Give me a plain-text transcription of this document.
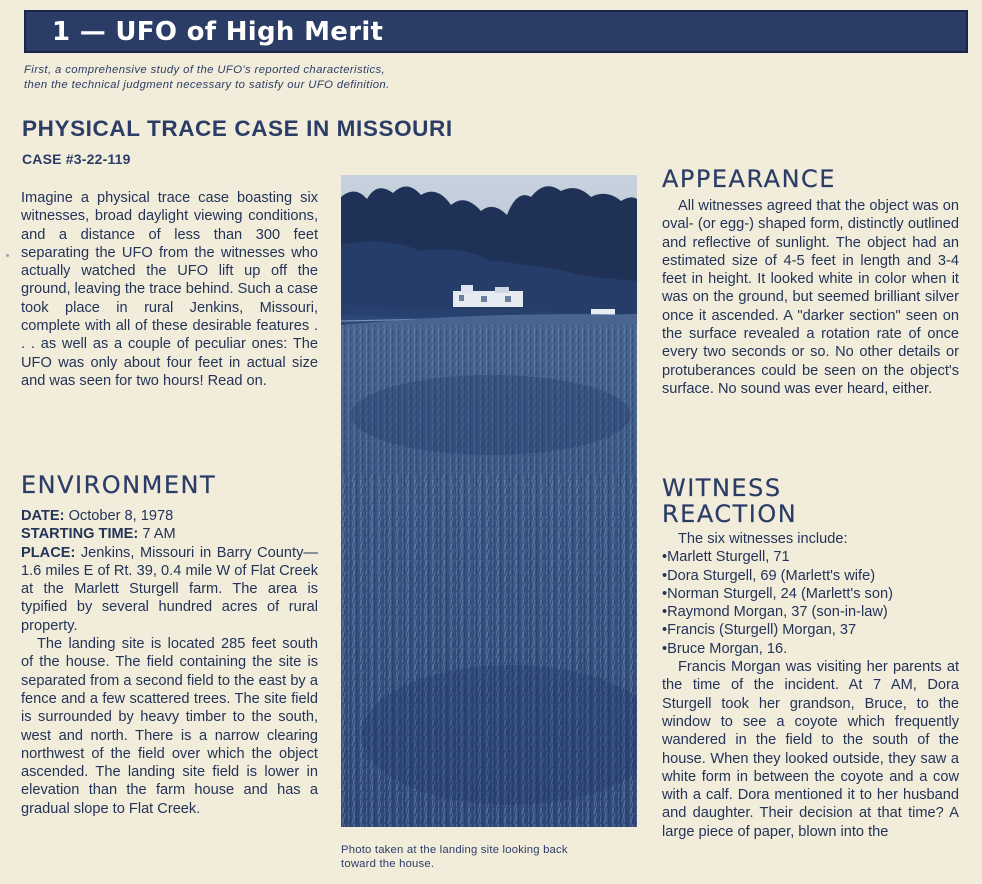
1 — UFO of High Merit
First, a comprehensive study of the UFO's reported characteristics,
then the technical judgment necessary to satisfy our UFO definition.
PHYSICAL TRACE CASE IN MISSOURI
CASE #3-22-119

Imagine a physical trace case boasting six witnesses, broad daylight viewing conditions, and a distance of less than 300 feet separating the UFO from the witnesses who actually watched the UFO lift up off the ground, leaving the trace behind. Such a case took place in rural Jenkins, Missouri, complete with all of these desirable features . . . as well as a couple of peculiar ones: The UFO was only about four feet in actual size and was seen for two hours! Read on.

ENVIRONMENT

DATE: October 8, 1978

STARTING TIME: 7 AM

PLACE: Jenkins, Missouri in Barry County—1.6 miles E of Rt. 39, 0.4 mile W of Flat Creek at the Marlett Sturgell farm. The area is typified by several hundred acres of rural property.

The landing site is located 285 feet south of the house. The field containing the site is separated from a second field to the east by a fence and a few scattered trees. The site field is surrounded by heavy timber to the south, west and north. There is a narrow clearing northwest of the field over which the object ascended. The landing site field is lower in elevation than the farm house and has a gradual slope to Flat Creek.

Photo taken at the landing site looking back
toward the house.
APPEARANCE

All witnesses agreed that the object was on oval- (or egg-) shaped form, distinctly outlined and reflective of sunlight. The object had an estimated size of 4-5 feet in length and 3-4 feet in height. It looked white in color when it was on the ground, but seemed brilliant silver once it ascended. A "darker section" seen on the surface revealed a rotation rate of once every two seconds or so. No other details or protuberances could be seen on the object's surface. No sound was ever heard, either.

WITNESS
REACTION

The six witnesses include:

•Marlett Sturgell, 71
•Dora Sturgell, 69 (Marlett's wife)
•Norman Sturgell, 24 (Marlett's son)
•Raymond Morgan, 37 (son-in-law)
•Francis (Sturgell) Morgan, 37
•Bruce Morgan, 16.

Francis Morgan was visiting her parents at the time of the incident. At 7 AM, Dora Sturgell took her grandson, Bruce, to the window to see a coyote which frequently wandered in the field to the south of the house. When they looked outside, they saw a white form in between the coyote and a cow with a calf. Dora mentioned it to her husband and daughter. Their decision at that time? A large piece of paper, blown into the
